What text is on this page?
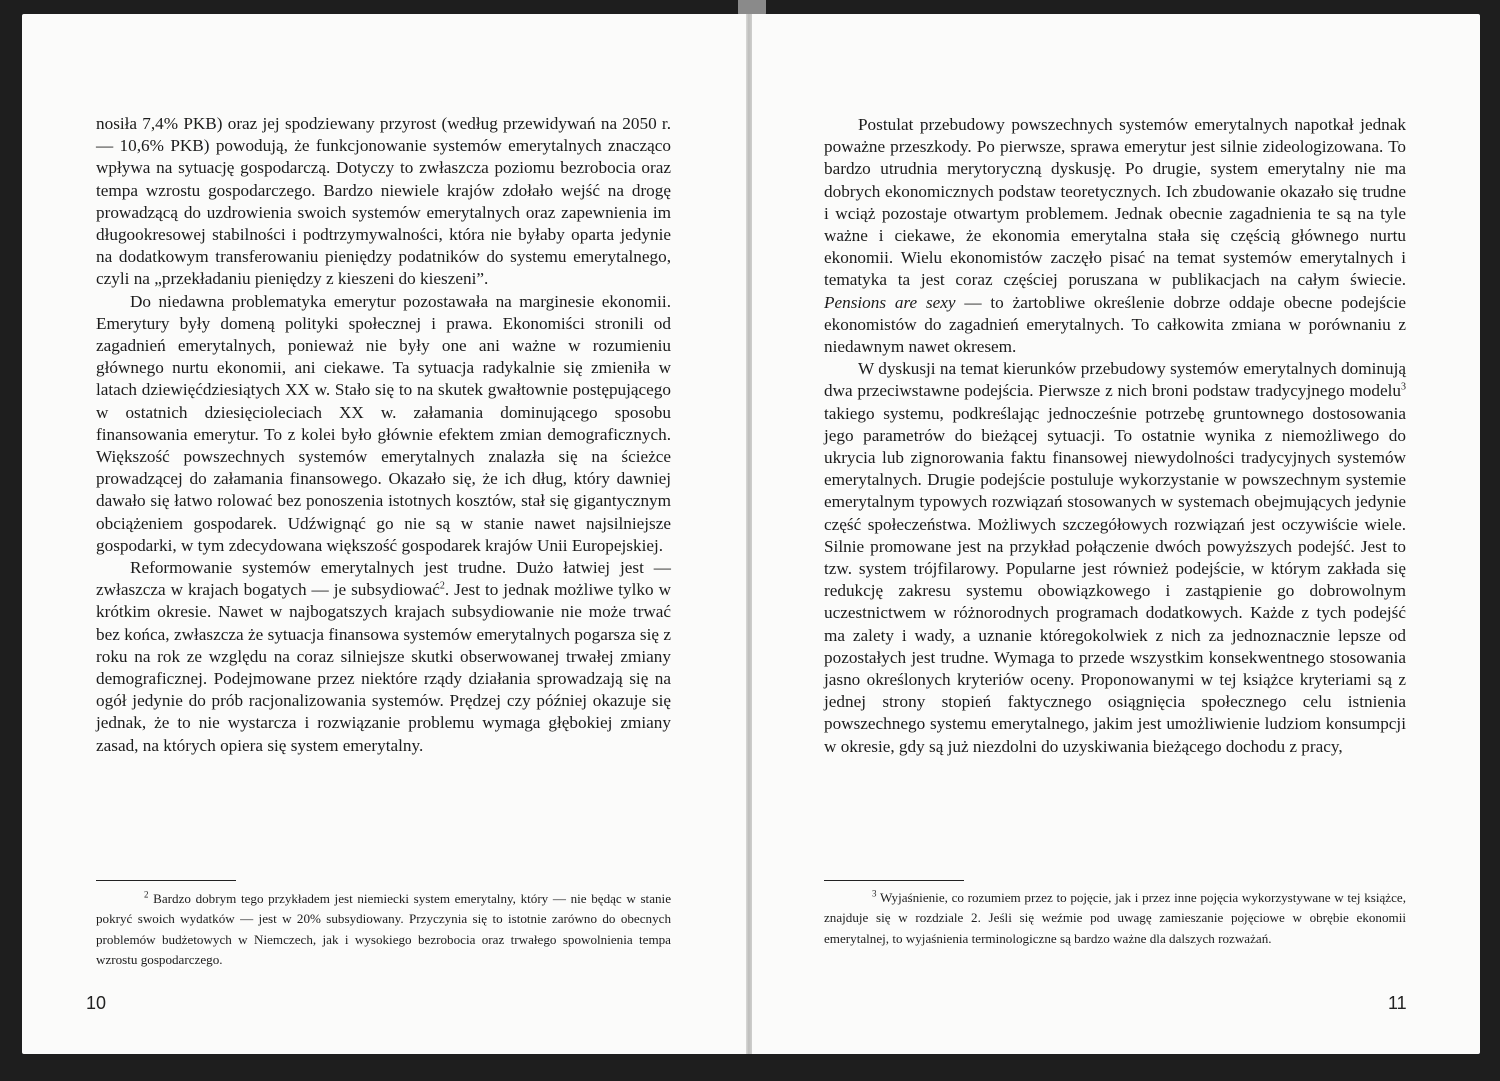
nosiła 7,4% PKB) oraz jej spodziewany przyrost (według przewidywań na 2050 r. — 10,6% PKB) powodują, że funkcjonowanie systemów emerytalnych znacząco wpływa na sytuację gospodarczą. Dotyczy to zwłaszcza poziomu bezrobocia oraz tempa wzrostu gospodarczego. Bardzo niewiele krajów zdołało wejść na drogę prowadzącą do uzdrowienia swoich systemów emerytalnych oraz zapewnienia im długookresowej stabilności i podtrzymywalności, która nie byłaby oparta jedynie na dodatkowym transferowaniu pieniędzy podatników do systemu emerytalnego, czyli na „przekładaniu pieniędzy z kieszeni do kieszeni”.

Do niedawna problematyka emerytur pozostawała na marginesie ekonomii. Emerytury były domeną polityki społecznej i prawa. Ekonomiści stronili od zagadnień emerytalnych, ponieważ nie były one ani ważne w rozumieniu głównego nurtu ekonomii, ani ciekawe. Ta sytuacja radykalnie się zmieniła w latach dziewięćdziesiątych XX w. Stało się to na skutek gwałtownie postępującego w ostatnich dziesięcioleciach XX w. załamania dominującego sposobu finansowania emerytur. To z kolei było głównie efektem zmian demograficznych. Większość powszechnych systemów emerytalnych znalazła się na ścieżce prowadzącej do załamania finansowego. Okazało się, że ich dług, który dawniej dawało się łatwo rolować bez ponoszenia istotnych kosztów, stał się gigantycznym obciążeniem gospodarek. Udźwignąć go nie są w stanie nawet najsilniejsze gospodarki, w tym zdecydowana większość gospodarek krajów Unii Europejskiej.

Reformowanie systemów emerytalnych jest trudne. Dużo łatwiej jest — zwłaszcza w krajach bogatych — je subsydiować$^2$. Jest to jednak możliwe tylko w krótkim okresie. Nawet w najbogatszych krajach subsydiowanie nie może trwać bez końca, zwłaszcza że sytuacja finansowa systemów emerytalnych pogarsza się z roku na rok ze względu na coraz silniejsze skutki obserwowanej trwałej zmiany demograficznej. Podejmowane przez niektóre rządy działania sprowadzają się na ogół jedynie do prób racjonalizowania systemów. Prędzej czy później okazuje się jednak, że to nie wystarcza i rozwiązanie problemu wymaga głębokiej zmiany zasad, na których opiera się system emerytalny.

$^2$ Bardzo dobrym tego przykładem jest niemiecki system emerytalny, który — nie będąc w stanie pokryć swoich wydatków — jest w 20% subsydiowany. Przyczynia się to istotnie zarówno do obecnych problemów budżetowych w Niemczech, jak i wysokiego bezrobocia oraz trwałego spowolnienia tempa wzrostu gospodarczego.

10

Postulat przebudowy powszechnych systemów emerytalnych napotkał jednak poważne przeszkody. Po pierwsze, sprawa emerytur jest silnie zideologizowana. To bardzo utrudnia merytoryczną dyskusję. Po drugie, system emerytalny nie ma dobrych ekonomicznych podstaw teoretycznych. Ich zbudowanie okazało się trudne i wciąż pozostaje otwartym problemem. Jednak obecnie zagadnienia te są na tyle ważne i ciekawe, że ekonomia emerytalna stała się częścią głównego nurtu ekonomii. Wielu ekonomistów zaczęło pisać na temat systemów emerytalnych i tematyka ta jest coraz częściej poruszana w publikacjach na całym świecie. Pensions are sexy — to żartobliwe określenie dobrze oddaje obecne podejście ekonomistów do zagadnień emerytalnych. To całkowita zmiana w porównaniu z niedawnym nawet okresem.

W dyskusji na temat kierunków przebudowy systemów emerytalnych dominują dwa przeciwstawne podejścia. Pierwsze z nich broni podstaw tradycyjnego modelu$^3$ takiego systemu, podkreślając jednocześnie potrzebę gruntownego dostosowania jego parametrów do bieżącej sytuacji. To ostatnie wynika z niemożliwego do ukrycia lub zignorowania faktu finansowej niewydolności tradycyjnych systemów emerytalnych. Drugie podejście postuluje wykorzystanie w powszechnym systemie emerytalnym typowych rozwiązań stosowanych w systemach obejmujących jedynie część społeczeństwa. Możliwych szczegółowych rozwiązań jest oczywiście wiele. Silnie promowane jest na przykład połączenie dwóch powyższych podejść. Jest to tzw. system trójfilarowy. Popularne jest również podejście, w którym zakłada się redukcję zakresu systemu obowiązkowego i zastąpienie go dobrowolnym uczestnictwem w różnorodnych programach dodatkowych. Każde z tych podejść ma zalety i wady, a uznanie któregokolwiek z nich za jednoznacznie lepsze od pozostałych jest trudne. Wymaga to przede wszystkim konsekwentnego stosowania jasno określonych kryteriów oceny. Proponowanymi w tej książce kryteriami są z jednej strony stopień faktycznego osiągnięcia społecznego celu istnienia powszechnego systemu emerytalnego, jakim jest umożliwienie ludziom konsumpcji w okresie, gdy są już niezdolni do uzyskiwania bieżącego dochodu z pracy,

$^3$ Wyjaśnienie, co rozumiem przez to pojęcie, jak i przez inne pojęcia wykorzystywane w tej książce, znajduje się w rozdziale 2. Jeśli się weźmie pod uwagę zamieszanie pojęciowe w obrębie ekonomii emerytalnej, to wyjaśnienia terminologiczne są bardzo ważne dla dalszych rozważań.

11
